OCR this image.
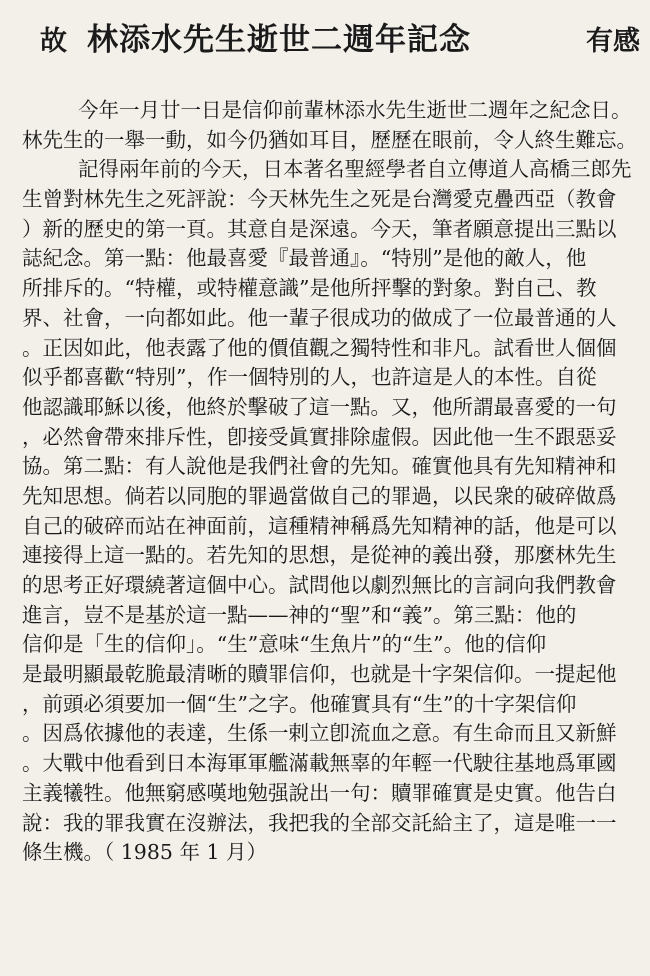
故 林添水先生逝世二週年記念	有感
今年一月廿一日是信仰前輩林添水先生逝世二週年之紀念日。
林先生的一舉一動，如今仍猶如耳目，歷歷在眼前，令人終生難忘。
記得兩年前的今天，日本著名聖經學者自立傳道人高橋三郎先
生曾對林先生之死評說：今天林先生之死是台灣愛克疊西亞（教會
）新的歷史的第一頁。其意自是深遠。今天，筆者願意提出三點以
誌紀念。第一點：他最喜愛『最普通』。“特別”是他的敵人，他
所排斥的。“特權，或特權意識”是他所抨擊的對象。對自己、教
界、社會，一向都如此。他一輩子很成功的做成了一位最普通的人
。正因如此，他表露了他的價值觀之獨特性和非凡。試看世人個個
似乎都喜歡“特別”，作一個特別的人，也許這是人的本性。自從
他認識耶穌以後，他終於擊破了這一點。又，他所謂最喜愛的一句
，必然會帶來排斥性，卽接受眞實排除虛假。因此他一生不跟惡妥
協。第二點：有人說他是我們社會的先知。確實他具有先知精神和
先知思想。倘若以同胞的罪過當做自己的罪過，以民衆的破碎做爲
自己的破碎而站在神面前，這種精神稱爲先知精神的話，他是可以
連接得上這一點的。若先知的思想，是從神的義出發，那麼林先生
的思考正好環繞著這個中心。試問他以劇烈無比的言詞向我們教會
進言，豈不是基於這一點——神的“聖”和“義”。第三點：他的
信仰是「生的信仰」。“生”意味“生魚片”的“生”。他的信仰
是最明顯最乾脆最清晰的贖罪信仰，也就是十字架信仰。一提起他
，前頭必須要加一個“生”之字。他確實具有“生”的十字架信仰
。因爲依據他的表達，生係一剌立卽流血之意。有生命而且又新鮮
。大戰中他看到日本海軍軍艦滿載無辜的年輕一代駛往基地爲軍國
主義犧牲。他無窮感嘆地勉强說出一句：贖罪確實是史實。他告白
說：我的罪我實在沒辦法，我把我的全部交託給主了，這是唯一一
條生機。（ 1985 年 1 月）
